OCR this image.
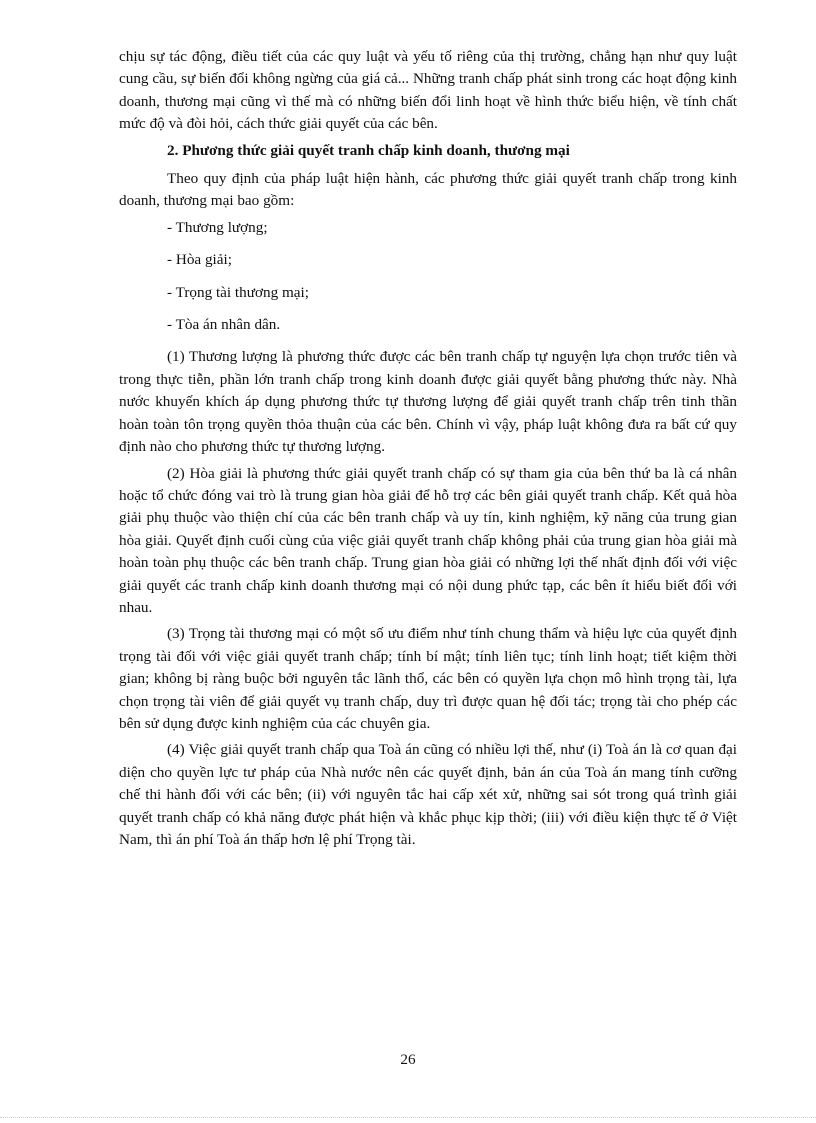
chịu sự tác động, điều tiết của các quy luật và yếu tố riêng của thị trường, chẳng hạn như quy luật cung cầu, sự biến đổi không ngừng của giá cả... Những tranh chấp phát sinh trong các hoạt động kinh doanh, thương mại cũng vì thế mà có những biến đổi linh hoạt về hình thức biểu hiện, về tính chất mức độ và đòi hỏi, cách thức giải quyết của các bên.

2. Phương thức giải quyết tranh chấp kinh doanh, thương mại

Theo quy định của pháp luật hiện hành, các phương thức giải quyết tranh chấp trong kinh doanh, thương mại bao gồm:

- Thương lượng;

- Hòa giải;

- Trọng tài thương mại;

- Tòa án nhân dân.

(1) Thương lượng là phương thức được các bên tranh chấp tự nguyện lựa chọn trước tiên và trong thực tiễn, phần lớn tranh chấp trong kinh doanh được giải quyết bằng phương thức này. Nhà nước khuyến khích áp dụng phương thức tự thương lượng để giải quyết tranh chấp trên tinh thần hoàn toàn tôn trọng quyền thỏa thuận của các bên. Chính vì vậy, pháp luật không đưa ra bất cứ quy định nào cho phương thức tự thương lượng.

(2) Hòa giải là phương thức giải quyết tranh chấp có sự tham gia của bên thứ ba là cá nhân hoặc tổ chức đóng vai trò là trung gian hòa giải để hỗ trợ các bên giải quyết tranh chấp. Kết quả hòa giải phụ thuộc vào thiện chí của các bên tranh chấp và uy tín, kinh nghiệm, kỹ năng của trung gian hòa giải. Quyết định cuối cùng của việc giải quyết tranh chấp không phải của trung gian hòa giải mà hoàn toàn phụ thuộc các bên tranh chấp. Trung gian hòa giải có những lợi thế nhất định đối với việc giải quyết các tranh chấp kinh doanh thương mại có nội dung phức tạp, các bên ít hiểu biết đối với nhau.

(3) Trọng tài thương mại có một số ưu điểm như tính chung thẩm và hiệu lực của quyết định trọng tài đối với việc giải quyết tranh chấp; tính bí mật; tính liên tục; tính linh hoạt; tiết kiệm thời gian; không bị ràng buộc bởi nguyên tắc lãnh thổ, các bên có quyền lựa chọn mô hình trọng tài, lựa chọn trọng tài viên để giải quyết vụ tranh chấp, duy trì được quan hệ đối tác; trọng tài cho phép các bên sử dụng được kinh nghiệm của các chuyên gia.

(4) Việc giải quyết tranh chấp qua Toà án cũng có nhiều lợi thế, như (i) Toà án là cơ quan đại diện cho quyền lực tư pháp của Nhà nước nên các quyết định, bản án của Toà án mang tính cưỡng chế thi hành đối với các bên; (ii) với nguyên tắc hai cấp xét xử, những sai sót trong quá trình giải quyết tranh chấp có khả năng được phát hiện và khắc phục kịp thời; (iii) với điều kiện thực tế ở Việt Nam, thì án phí Toà án thấp hơn lệ phí Trọng tài.

26
